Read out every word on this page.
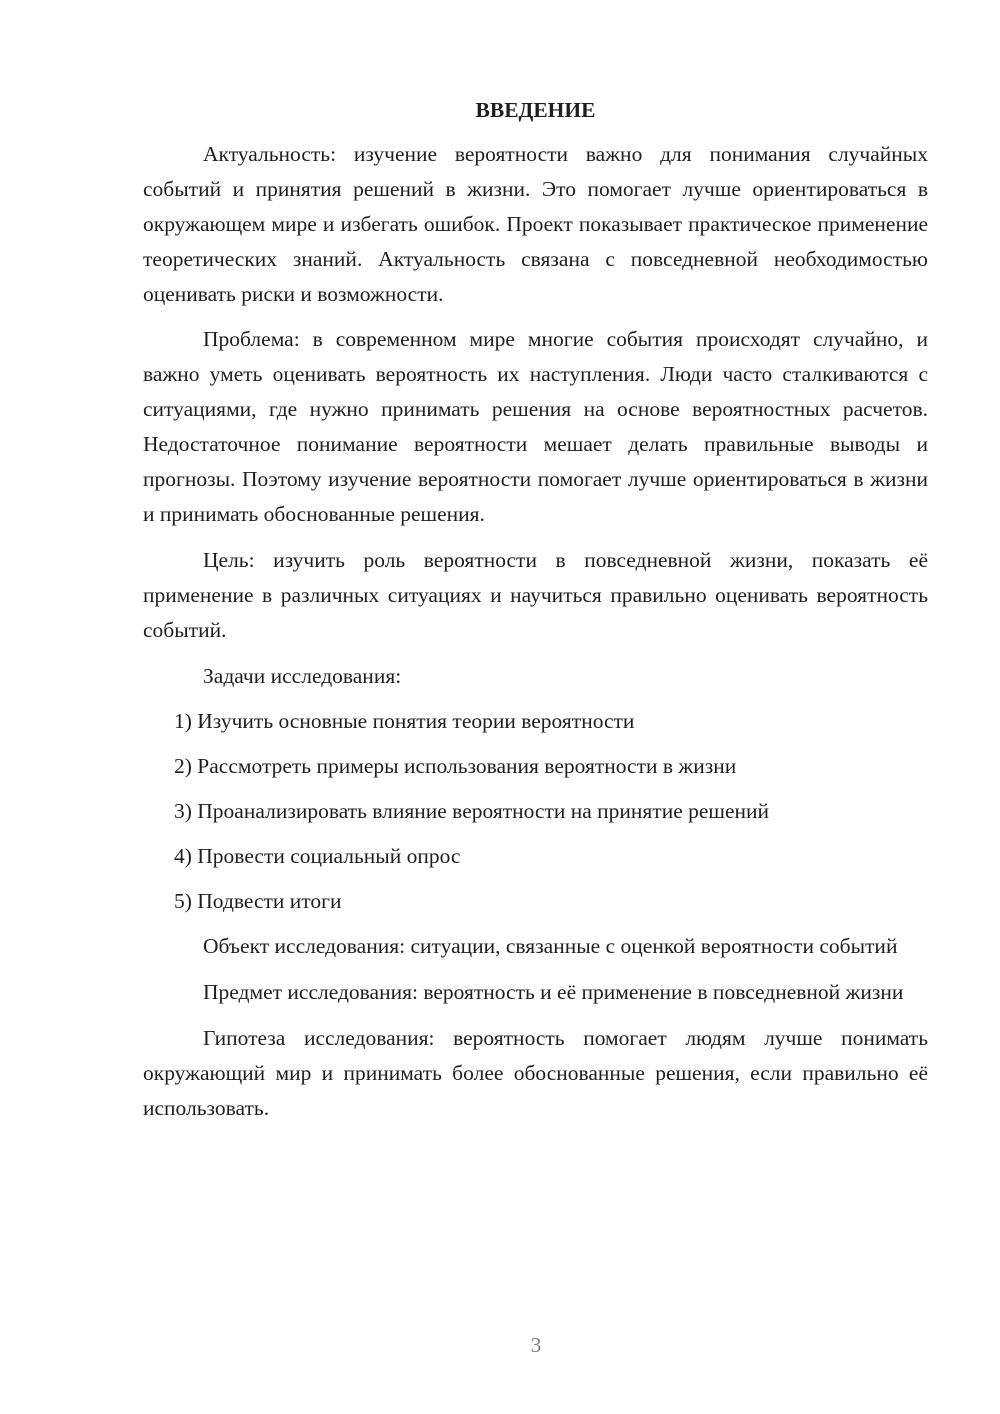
ВВЕДЕНИЕ

Актуальность: изучение вероятности важно для понимания случайных событий и принятия решений в жизни. Это помогает лучше ориентироваться в окружающем мире и избегать ошибок. Проект показывает практическое применение теоретических знаний. Актуальность связана с повседневной необходимостью оценивать риски и возможности.

Проблема: в современном мире многие события происходят случайно, и важно уметь оценивать вероятность их наступления. Люди часто сталкиваются с ситуациями, где нужно принимать решения на основе вероятностных расчетов. Недостаточное понимание вероятности мешает делать правильные выводы и прогнозы. Поэтому изучение вероятности помогает лучше ориентироваться в жизни и принимать обоснованные решения.

Цель: изучить роль вероятности в повседневной жизни, показать её применение в различных ситуациях и научиться правильно оценивать вероятность событий.

Задачи исследования:

1) Изучить основные понятия теории вероятности
2) Рассмотреть примеры использования вероятности в жизни
3) Проанализировать влияние вероятности на принятие решений
4) Провести социальный опрос
5) Подвести итоги

Объект исследования: ситуации, связанные с оценкой вероятности событий

Предмет исследования: вероятность и её применение в повседневной жизни

Гипотеза исследования: вероятность помогает людям лучше понимать окружающий мир и принимать более обоснованные решения, если правильно её использовать.

3
